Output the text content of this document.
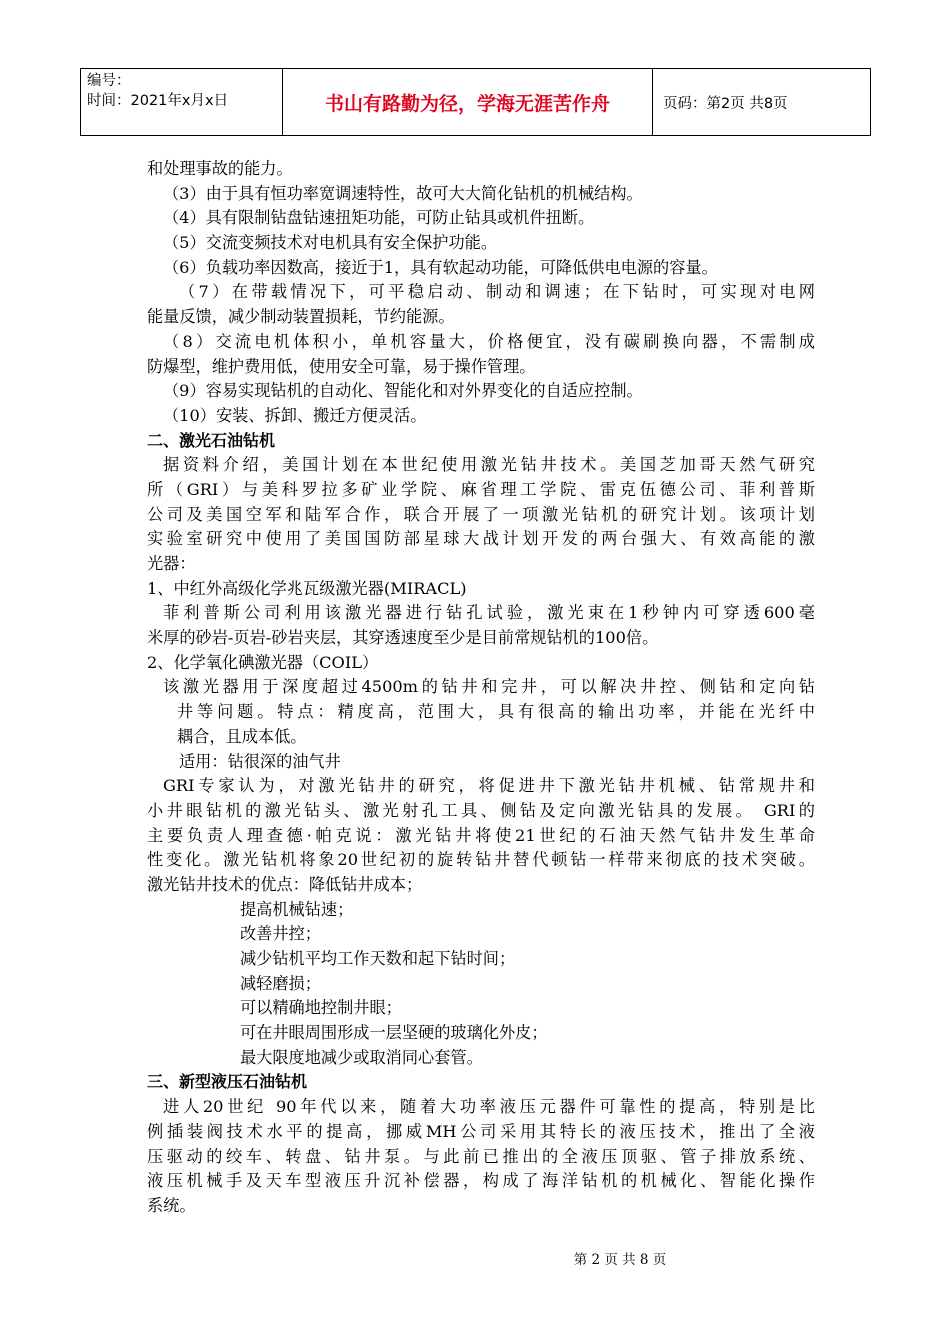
编号：
时间：2021年x月x日	书山有路勤为径，学海无涯苦作舟	页码：第2页 共8页
和处理事故的能力。
（3）由于具有恒功率宽调速特性，故可大大简化钻机的机械结构。
（4）具有限制钻盘钻速扭矩功能，可防止钻具或机件扭断。
（5）交流变频技术对电机具有安全保护功能。
（6）负载功率因数高，接近于1，具有软起动功能，可降低供电电源的容量。
（7）在带载情况下，可平稳启动、制动和调速；在下钻时，可实现对电网
能量反馈，减少制动装置损耗，节约能源。
（8）交流电机体积小，单机容量大，价格便宜，没有碳刷换向器，不需制成
防爆型，维护费用低，使用安全可靠，易于操作管理。
（9）容易实现钻机的自动化、智能化和对外界变化的自适应控制。
（10）安装、拆卸、搬迁方便灵活。
二、激光石油钻机
据资料介绍，美国计划在本世纪使用激光钻井技术。美国芝加哥天然气研究
所（GRI）与美科罗拉多矿业学院、麻省理工学院、雷克伍德公司、菲利普斯
公司及美国空军和陆军合作，联合开展了一项激光钻机的研究计划。该项计划
实验室研究中使用了美国国防部星球大战计划开发的两台强大、有效高能的激
光器：
1、中红外高级化学兆瓦级激光器(MIRACL)
菲利普斯公司利用该激光器进行钻孔试验，激光束在1秒钟内可穿透600毫
米厚的砂岩-页岩-砂岩夹层，其穿透速度至少是目前常规钻机的100倍。
2、化学氧化碘激光器（COIL）
该激光器用于深度超过4500m的钻井和完井，可以解决井控、侧钻和定向钻
井等问题。特点：精度高，范围大，具有很高的输出功率，并能在光纤中
耦合，且成本低。
适用：钻很深的油气井
GRI专家认为，对激光钻井的研究，将促进井下激光钻井机械、钻常规井和
小井眼钻机的激光钻头、激光射孔工具、侧钻及定向激光钻具的发展。 GRI的
主要负责人理查德·帕克说：激光钻井将使21世纪的石油天然气钻井发生革命
性变化。激光钻机将象20世纪初的旋转钻井替代顿钻一样带来彻底的技术突破。
激光钻井技术的优点：降低钻井成本；
提高机械钻速；
改善井控；
减少钻机平均工作天数和起下钻时间；
减轻磨损；
可以精确地控制井眼；
可在井眼周围形成一层坚硬的玻璃化外皮；
最大限度地减少或取消同心套管。
三、新型液压石油钻机
进人20世纪 90年代以来，随着大功率液压元器件可靠性的提高，特别是比
例插装阀技术水平的提高，挪威MH公司采用其特长的液压技术，推出了全液
压驱动的绞车、转盘、钻井泵。与此前已推出的全液压顶驱、管子排放系统、
液压机械手及天车型液压升沉补偿器，构成了海洋钻机的机械化、智能化操作
系统。
第 2 页 共 8 页
